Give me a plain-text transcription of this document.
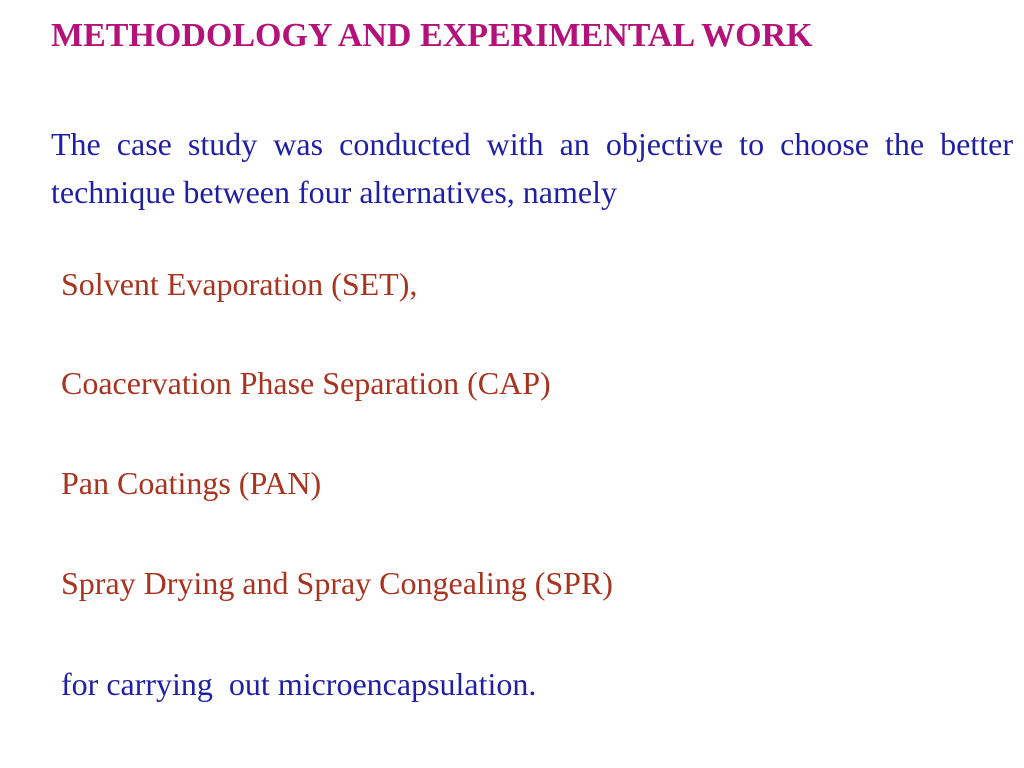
METHODOLOGY AND EXPERIMENTAL WORK
The case study was conducted with an objective to choose the better technique between four alternatives, namely
Solvent Evaporation (SET),
Coacervation Phase Separation (CAP)
Pan Coatings (PAN)
Spray Drying and Spray Congealing (SPR)
for carrying  out microencapsulation.
